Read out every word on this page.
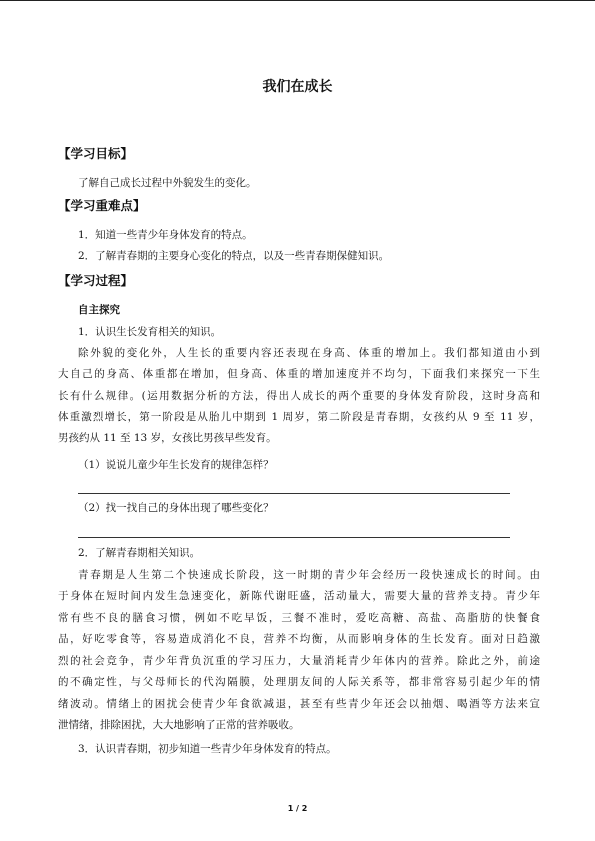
我们在成长
【学习目标】
了解自己成长过程中外貌发生的变化。
【学习重难点】
1．知道一些青少年身体发育的特点。
2．了解青春期的主要身心变化的特点，以及一些青春期保健知识。
【学习过程】
自主探究
1．认识生长发育相关的知识。
除外貌的变化外，人生长的重要内容还表现在身高、体重的增加上。我们都知道由小到
大自己的身高、体重都在增加，但身高、体重的增加速度并不均匀，下面我们来探究一下生
长有什么规律。(运用数据分析的方法，得出人成长的两个重要的身体发育阶段，这时身高和
体重激烈增长，第一阶段是从胎儿中期到 1 周岁，第二阶段是青春期，女孩约从 9 至 11 岁，
男孩约从 11 至 13 岁，女孩比男孩早些发育。
（1）说说儿童少年生长发育的规律怎样？
（2）找一找自己的身体出现了哪些变化？
2．了解青春期相关知识。
青春期是人生第二个快速成长阶段，这一时期的青少年会经历一段快速成长的时间。由
于身体在短时间内发生急速变化，新陈代谢旺盛，活动量大，需要大量的营养支持。青少年
常有些不良的膳食习惯，例如不吃早饭，三餐不准时，爱吃高糖、高盐、高脂肪的快餐食
品，好吃零食等，容易造成消化不良，营养不均衡，从而影响身体的生长发育。面对日趋激
烈的社会竞争，青少年背负沉重的学习压力，大量消耗青少年体内的营养。除此之外，前途
的不确定性，与父母师长的代沟隔膜，处理朋友间的人际关系等，都非常容易引起少年的情
绪波动。情绪上的困扰会使青少年食欲减退，甚至有些青少年还会以抽烟、喝酒等方法来宣
泄情绪，排除困扰，大大地影响了正常的营养吸收。
3．认识青春期，初步知道一些青少年身体发育的特点。
1 / 2
